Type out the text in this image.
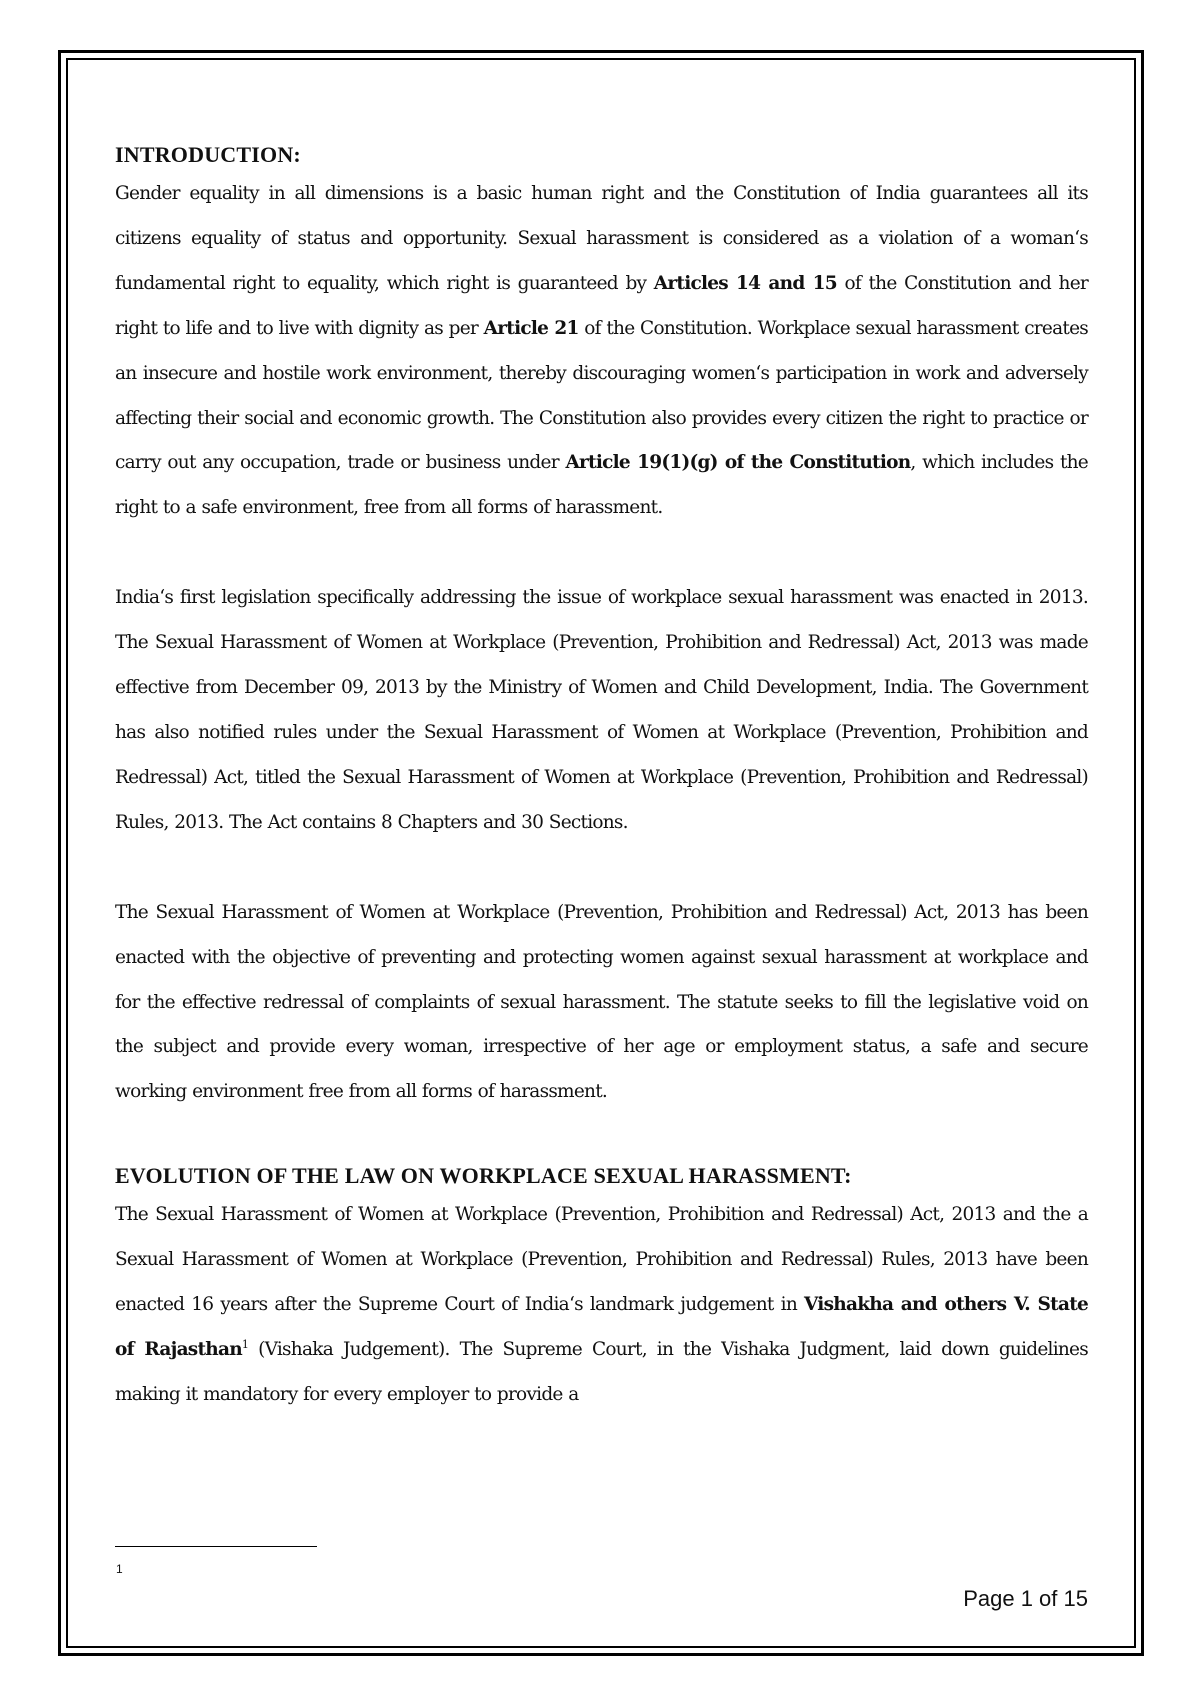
INTRODUCTION:

Gender equality in all dimensions is a basic human right and the Constitution of India guarantees all its citizens equality of status and opportunity. Sexual harassment is considered as a violation of a woman‘s fundamental right to equality, which right is guaranteed by Articles 14 and 15 of the Constitution and her right to life and to live with dignity as per Article 21 of the Constitution. Workplace sexual harassment creates an insecure and hostile work environment, thereby discouraging women‘s participation in work and adversely affecting their social and economic growth. The Constitution also provides every citizen the right to practice or carry out any occupation, trade or business under Article 19(1)(g) of the Constitution, which includes the right to a safe environment, free from all forms of harassment.

India‘s first legislation specifically addressing the issue of workplace sexual harassment was enacted in 2013. The Sexual Harassment of Women at Workplace (Prevention, Prohibition and Redressal) Act, 2013 was made effective from December 09, 2013 by the Ministry of Women and Child Development, India. The Government has also notified rules under the Sexual Harassment of Women at Workplace (Prevention, Prohibition and Redressal) Act, titled the Sexual Harassment of Women at Workplace (Prevention, Prohibition and Redressal) Rules, 2013. The Act contains 8 Chapters and 30 Sections.

The Sexual Harassment of Women at Workplace (Prevention, Prohibition and Redressal) Act, 2013 has been enacted with the objective of preventing and protecting women against sexual harassment at workplace and for the effective redressal of complaints of sexual harassment. The statute seeks to fill the legislative void on the subject and provide every woman, irrespective of her age or employment status, a safe and secure working environment free from all forms of harassment.

EVOLUTION OF THE LAW ON WORKPLACE SEXUAL HARASSMENT:

The Sexual Harassment of Women at Workplace (Prevention, Prohibition and Redressal) Act, 2013 and the a Sexual Harassment of Women at Workplace (Prevention, Prohibition and Redressal) Rules, 2013 have been enacted 16 years after the Supreme Court of India‘s landmark judgement in Vishakha and others V. State of Rajasthan$^1$ (Vishaka Judgement). The Supreme Court, in the Vishaka Judgment, laid down guidelines making it mandatory for every employer to provide a

1
Page 1 of 15
